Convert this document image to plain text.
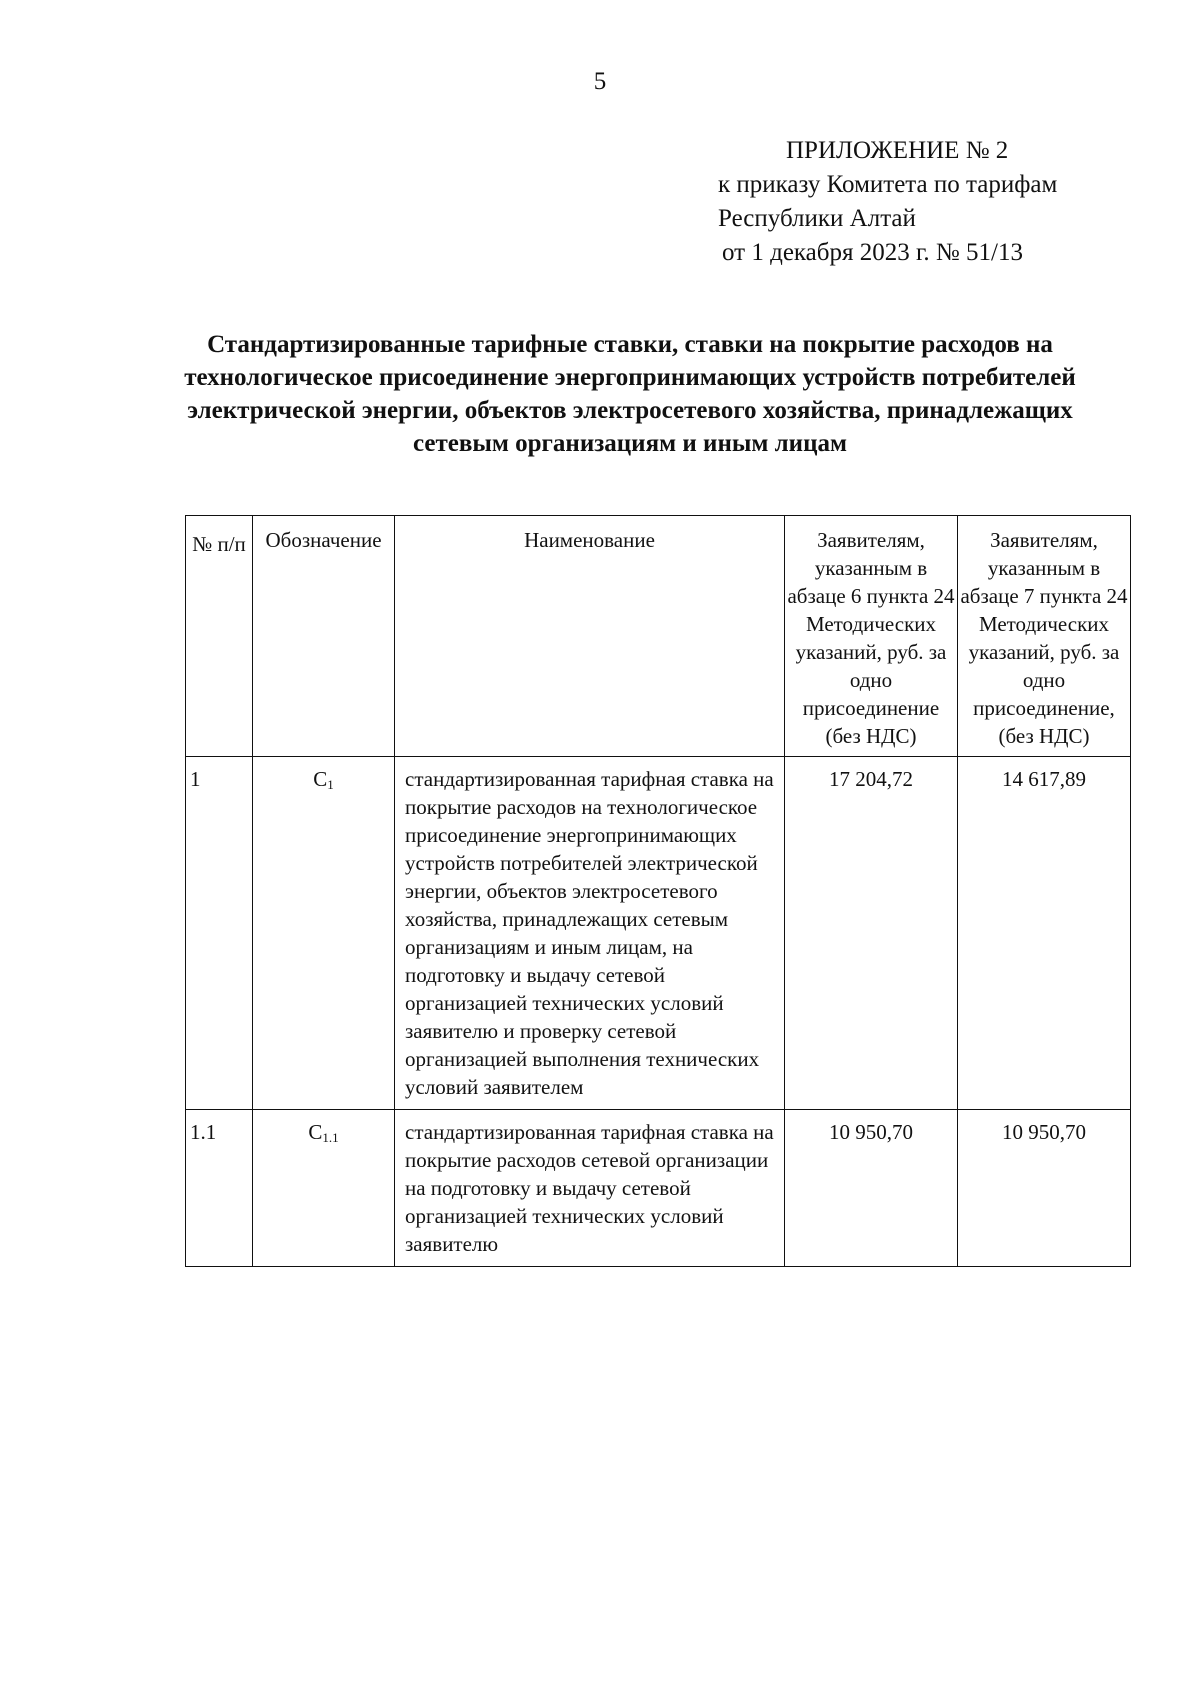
5
ПРИЛОЖЕНИЕ № 2
к приказу Комитета по тарифам
Республики Алтай
от 1 декабря 2023 г. № 51/13
Стандартизированные тарифные ставки, ставки на покрытие расходов на технологическое присоединение энергопринимающих устройств потребителей электрической энергии, объектов электросетевого хозяйства, принадлежащих сетевым организациям и иным лицам
№ п/п	Обозначение	Наименование	Заявителям, указанным в абзаце 6 пункта 24 Методических указаний, руб. за одно присоединение (без НДС)	Заявителям, указанным в абзаце 7 пункта 24 Методических указаний, руб. за одно присоединение, (без НДС)
1	$C_1$	стандартизированная тарифная ставка на покрытие расходов на технологическое присоединение энергопринимающих устройств потребителей электрической энергии, объектов электросетевого хозяйства, принадлежащих сетевым организациям и иным лицам, на подготовку и выдачу сетевой организацией технических условий заявителю и проверку сетевой организацией выполнения технических условий заявителем	17 204,72	14 617,89
1.1	$C_{1.1}$	стандартизированная тарифная ставка на покрытие расходов сетевой организации на подготовку и выдачу сетевой организацией технических условий заявителю	10 950,70	10 950,70
